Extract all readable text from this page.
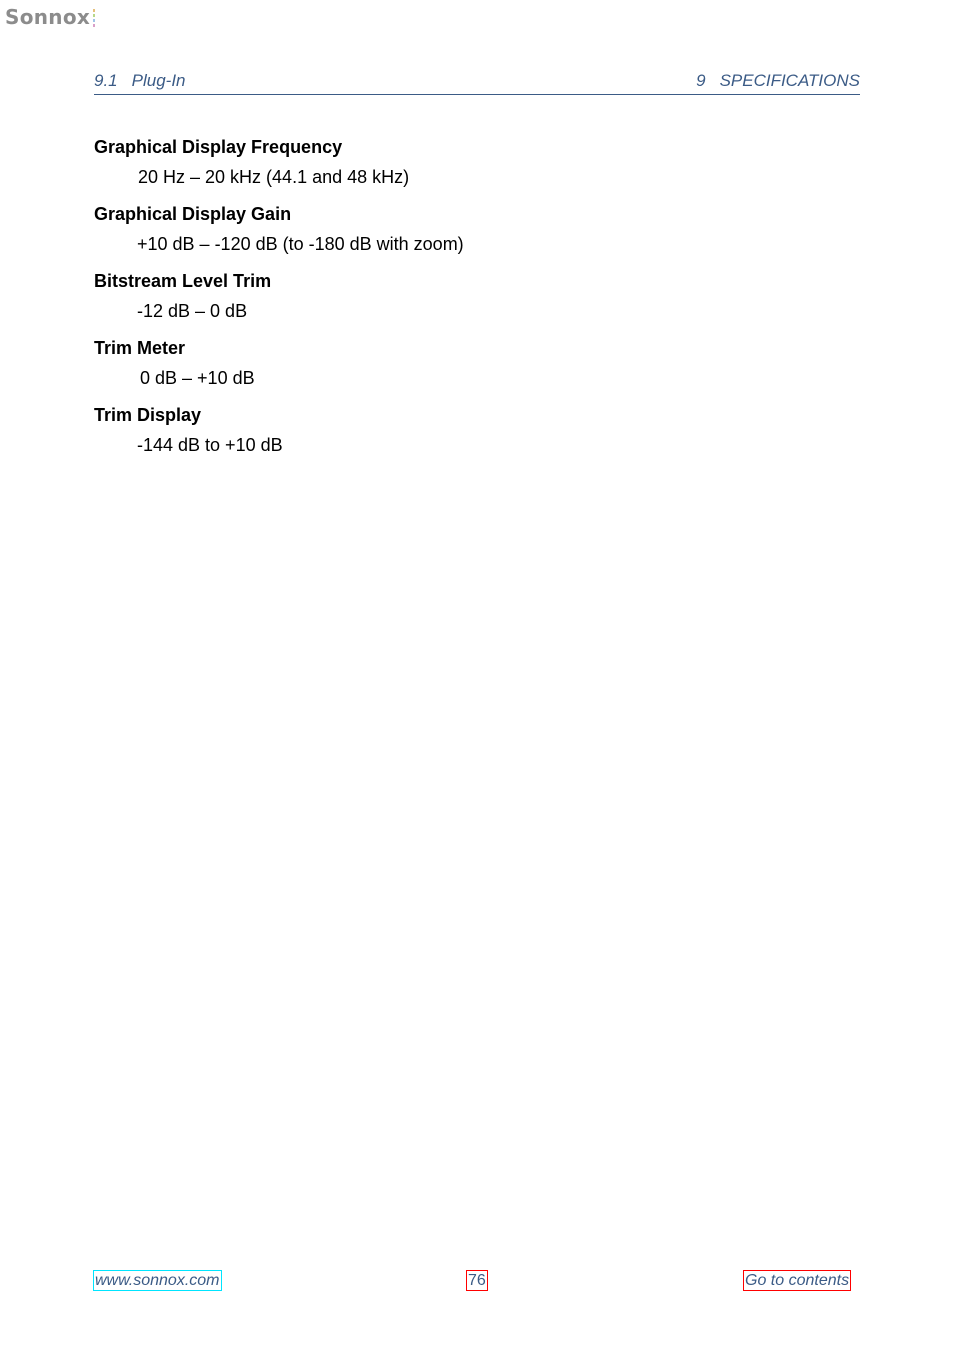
Sonnox
9.1 Plug-In	9 SPECIFICATIONS
Graphical Display Frequency
20 Hz – 20 kHz (44.1 and 48 kHz)
Graphical Display Gain
+10 dB – -120 dB (to -180 dB with zoom)
Bitstream Level Trim
-12 dB – 0 dB
Trim Meter
0 dB – +10 dB
Trim Display
-144 dB to +10 dB
www.sonnox.com	76	Go to contents
